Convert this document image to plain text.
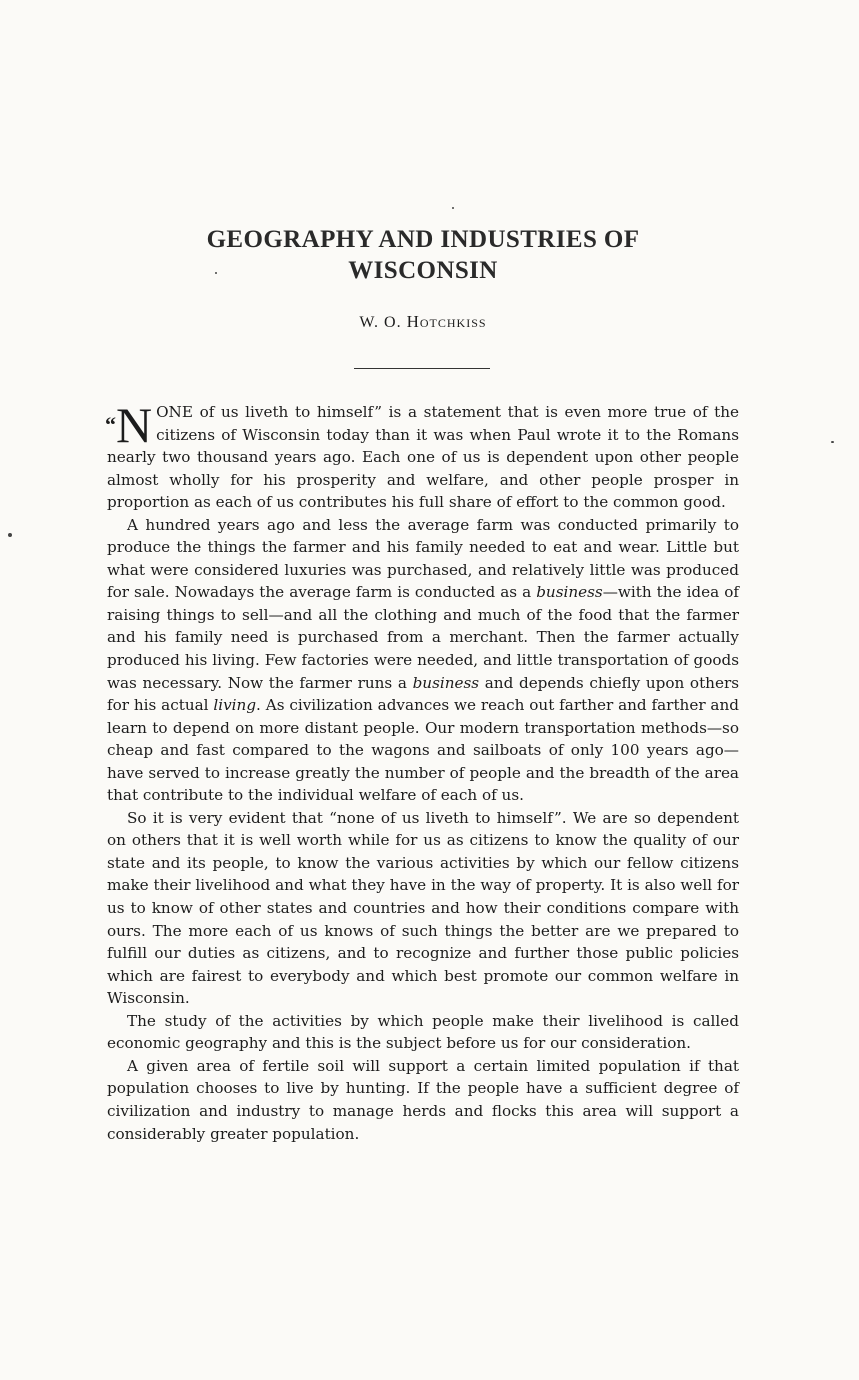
GEOGRAPHY AND INDUSTRIES OF
WISCONSIN
W. O. Hotchkiss

“N ONE of us liveth to himself” is a statement that is even more true of the citizens of Wisconsin today than it was when Paul wrote it to the Romans nearly two thousand years ago. Each one of us is dependent upon other people almost wholly for his prosperity and welfare, and other people prosper in proportion as each of us contributes his full share of effort to the common good.

A hundred years ago and less the average farm was conducted primarily to produce the things the farmer and his family needed to eat and wear. Little but what were considered luxuries was purchased, and relatively little was produced for sale. Nowadays the average farm is conducted as a business—with the idea of raising things to sell—and all the clothing and much of the food that the farmer and his family need is purchased from a merchant. Then the farmer actually produced his living. Few factories were needed, and little transportation of goods was necessary. Now the farmer runs a business and depends chiefly upon others for his actual living. As civilization advances we reach out farther and farther and learn to depend on more distant people. Our modern transportation methods—so cheap and fast compared to the wagons and sailboats of only 100 years ago—have served to increase greatly the number of people and the breadth of the area that contribute to the individual welfare of each of us.

So it is very evident that “none of us liveth to himself”. We are so dependent on others that it is well worth while for us as citizens to know the quality of our state and its people, to know the various activities by which our fellow citizens make their livelihood and what they have in the way of property. It is also well for us to know of other states and countries and how their conditions compare with ours. The more each of us knows of such things the better are we prepared to fulfill our duties as citizens, and to recognize and further those public policies which are fairest to everybody and which best promote our common welfare in Wisconsin.

The study of the activities by which people make their livelihood is called economic geography and this is the subject before us for our consideration.

A given area of fertile soil will support a certain limited population if that population chooses to live by hunting. If the people have a sufficient degree of civilization and industry to manage herds and flocks this area will support a considerably greater population.
